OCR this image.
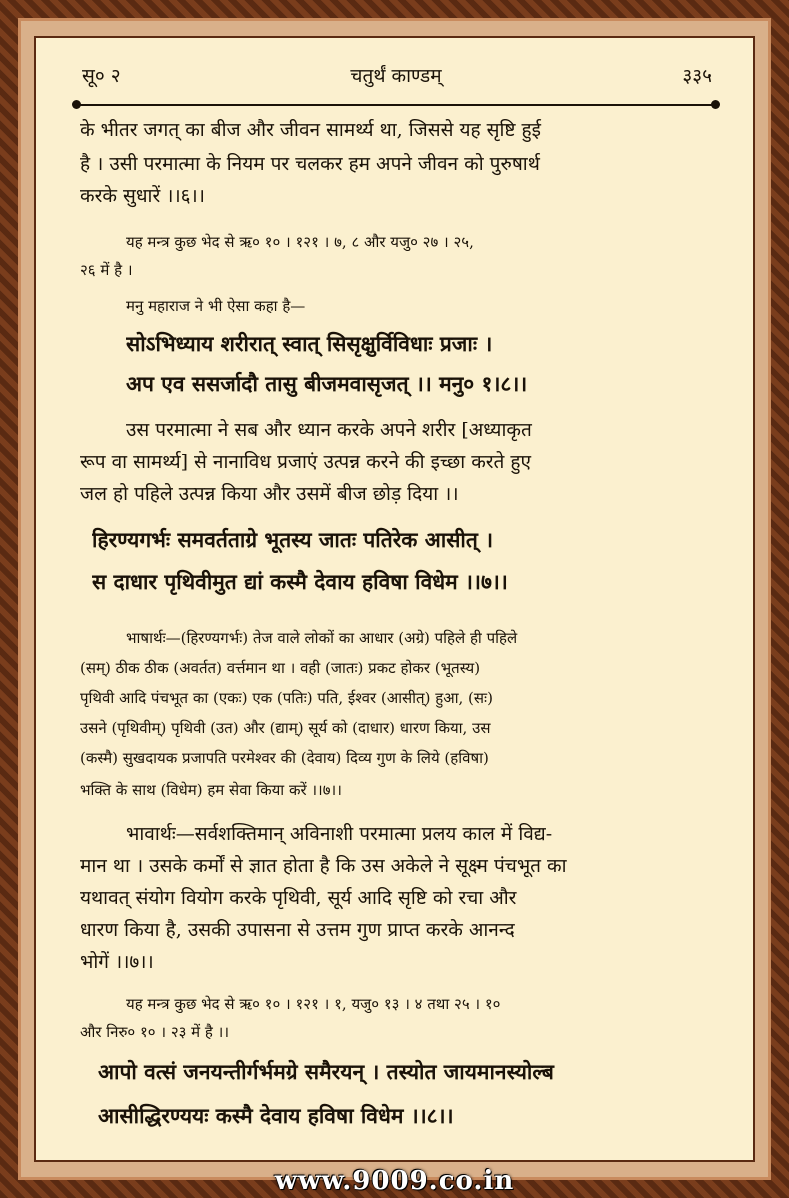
सू० २	चतुर्थं काण्डम्	३३५

के भीतर जगत् का बीज और जीवन सामर्थ्य था, जिससे यह सृष्टि हुई

है । उसी परमात्मा के नियम पर चलकर हम अपने जीवन को पुरुषार्थ

करके सुधारें ।।६।।

यह मन्त्र कुछ भेद से ऋ० १० । १२१ । ७, ८ और यजु० २७ । २५,

२६ में है ।

मनु महाराज ने भी ऐसा कहा है—

सोऽभिध्याय शरीरात् स्वात् सिसृक्षुर्विविधाः प्रजाः ।

अप एव ससर्जादौ तासु बीजमवासृजत् ।। मनु० १।८।।

उस परमात्मा ने सब और ध्यान करके अपने शरीर [अध्याकृत

रूप वा सामर्थ्य] से नानाविध प्रजाएं उत्पन्न करने की इच्छा करते हुए

जल हो पहिले उत्पन्न किया और उसमें बीज छोड़ दिया ।।

हिरण्यगर्भः समवर्तताग्रे भूतस्य जातः पतिरेक आसीत् ।

स दाधार पृथिवीमुत द्यां कस्मै देवाय हविषा विधेम ।।७।।

भाषार्थः—(हिरण्यगर्भः) तेज वाले लोकों का आधार (अग्रे) पहिले ही पहिले

(सम्) ठीक ठीक (अवर्तत) वर्त्तमान था । वही (जातः) प्रकट होकर (भूतस्य)

पृथिवी आदि पंचभूत का (एकः) एक (पतिः) पति, ईश्वर (आसीत्) हुआ, (सः)

उसने (पृथिवीम्) पृथिवी (उत) और (द्याम्) सूर्य को (दाधार) धारण किया, उस

(कस्मै) सुखदायक प्रजापति परमेश्वर की (देवाय) दिव्य गुण के लिये (हविषा)

भक्ति के साथ (विधेम) हम सेवा किया करें ।।७।।

भावार्थः—सर्वशक्तिमान् अविनाशी परमात्मा प्रलय काल में विद्य-

मान था । उसके कर्मों से ज्ञात होता है कि उस अकेले ने सूक्ष्म पंचभूत का

यथावत् संयोग वियोग करके पृथिवी, सूर्य आदि सृष्टि को रचा और

धारण किया है, उसकी उपासना से उत्तम गुण प्राप्त करके आनन्द

भोगें ।।७।।

यह मन्त्र कुछ भेद से ऋ० १० । १२१ । १, यजु० १३ । ४ तथा २५ । १०

और निरु० १० । २३ में है ।।

आपो वत्सं जनयन्तीर्गर्भमग्रे समैरयन् । तस्योत जायमानस्योल्ब

आसीद्धिरण्ययः कस्मै देवाय हविषा विधेम ।।८।।

www.9009.co.in
